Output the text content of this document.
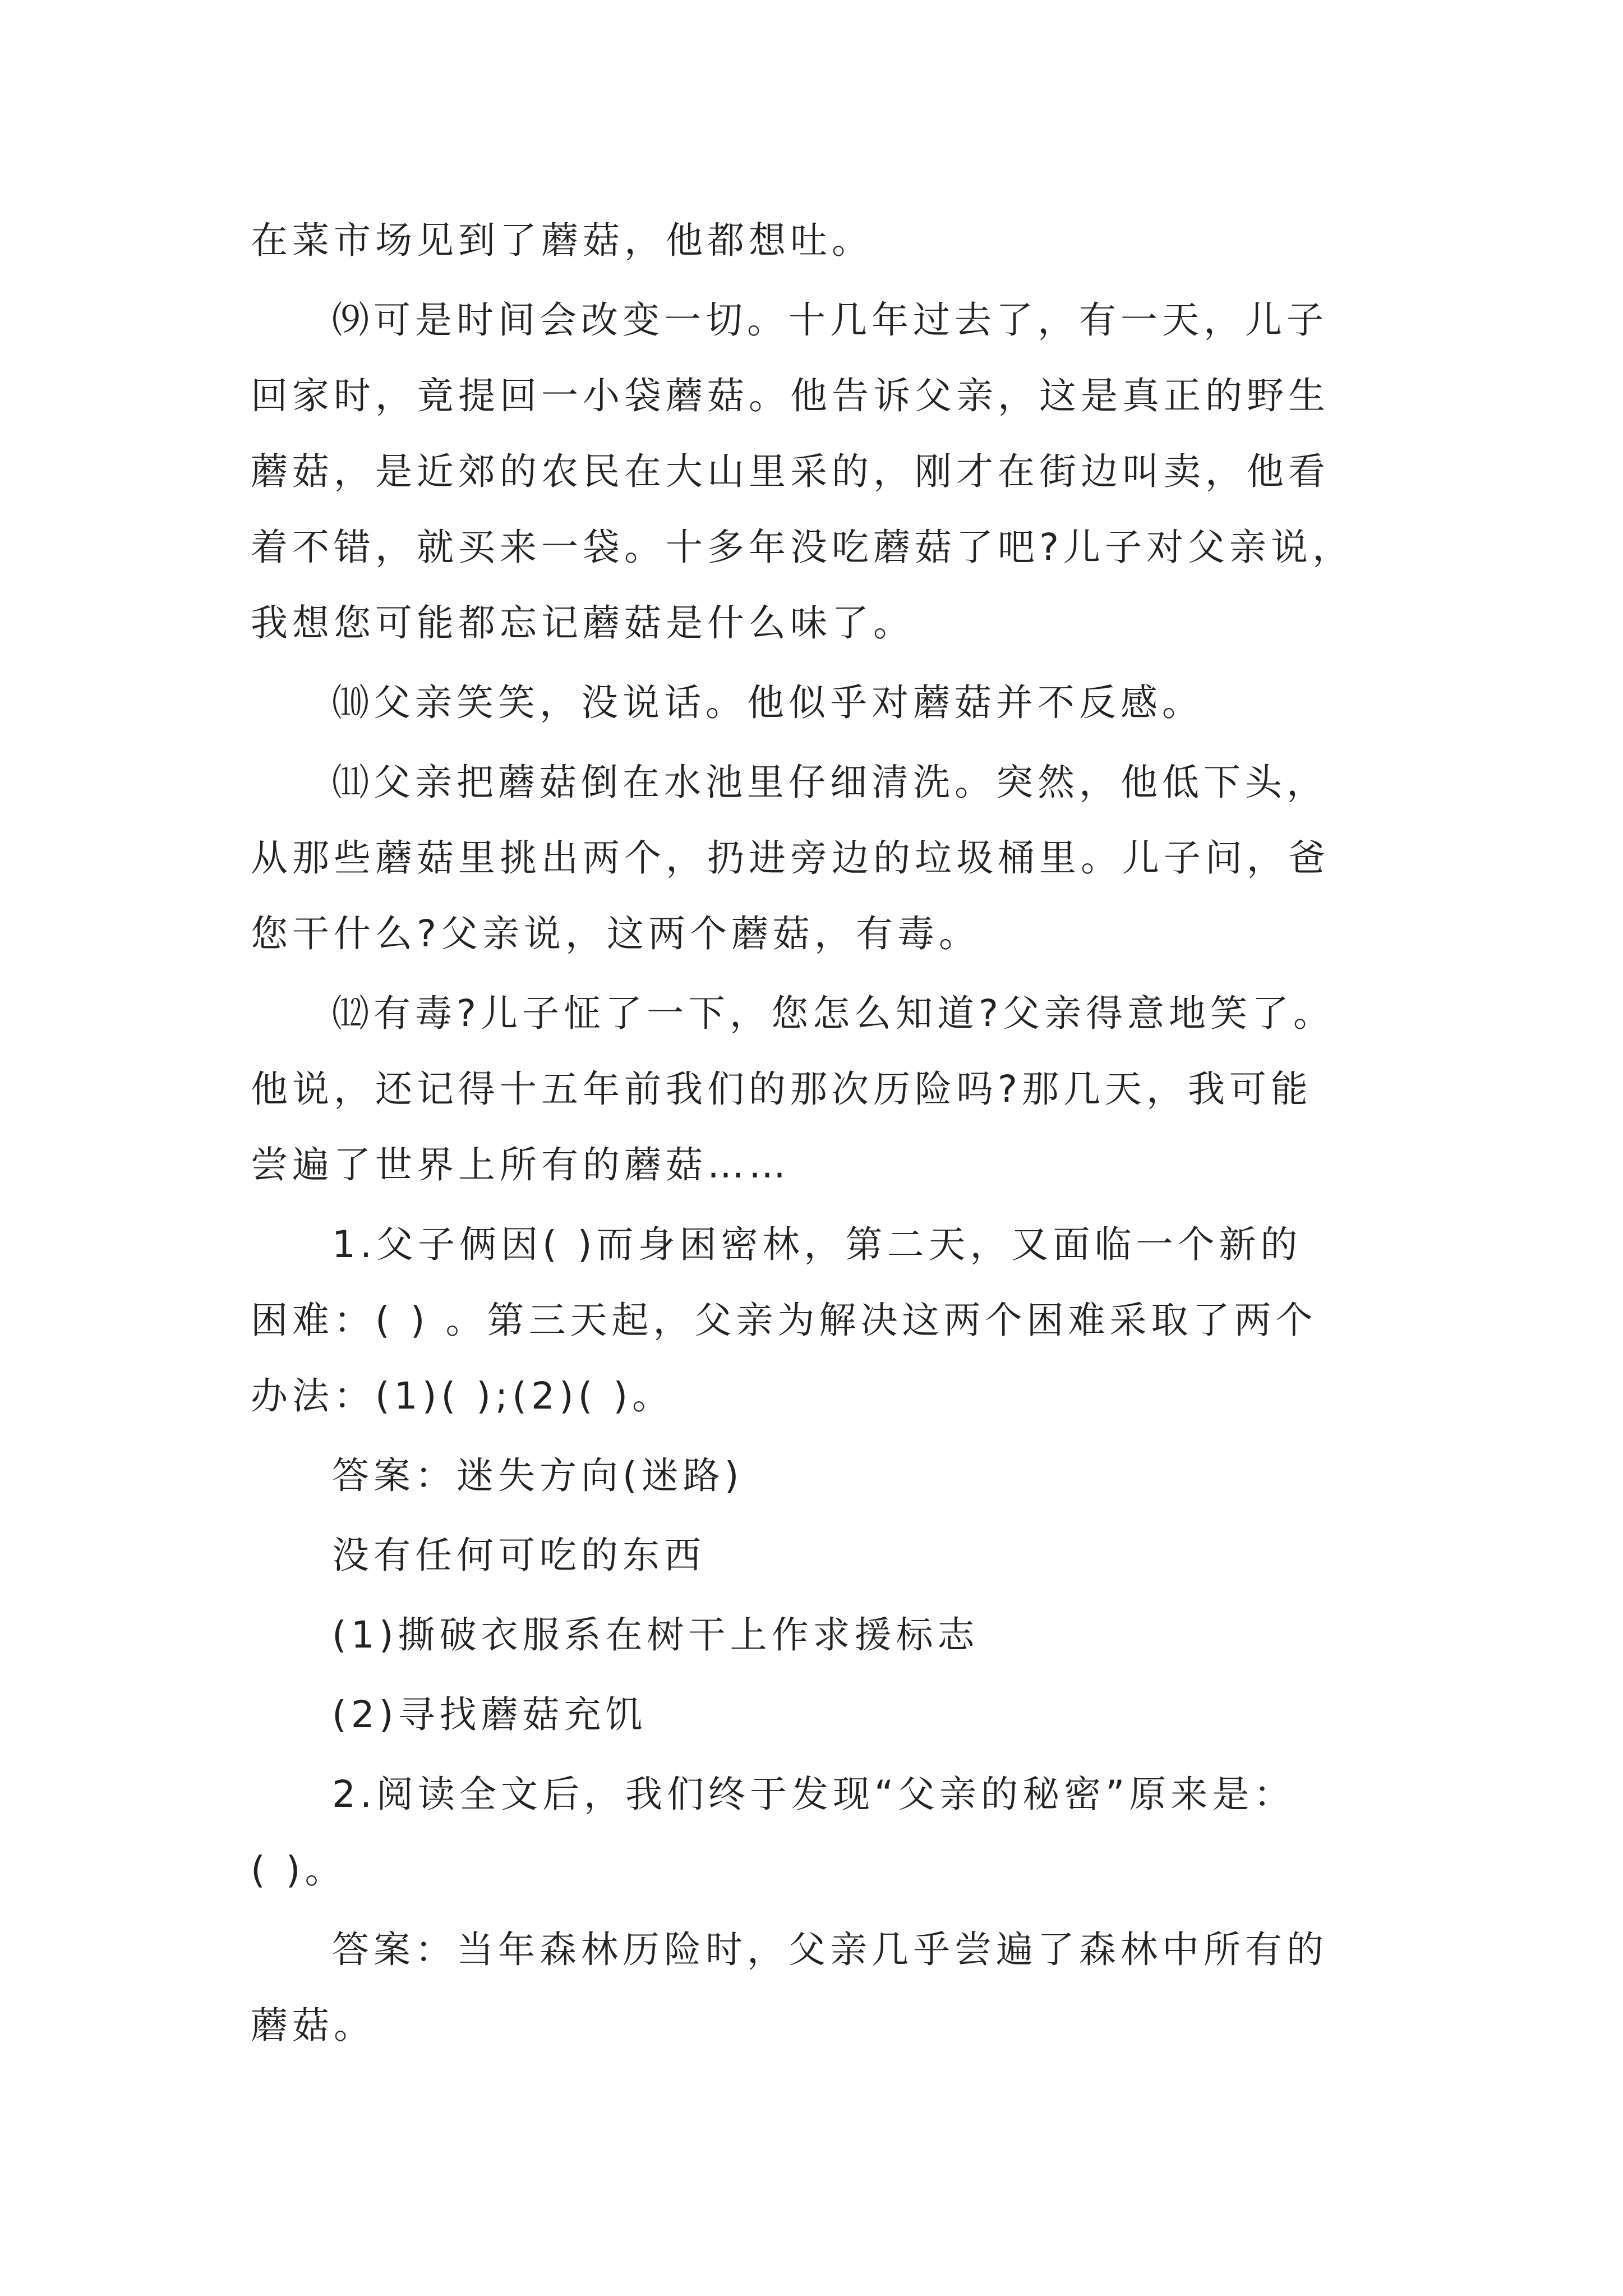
在菜市场见到了蘑菇，他都想吐。

⑼可是时间会改变一切。十几年过去了，有一天，儿子

回家时，竟提回一小袋蘑菇。他告诉父亲，这是真正的野生

蘑菇，是近郊的农民在大山里采的，刚才在街边叫卖，他看

着不错，就买来一袋。十多年没吃蘑菇了吧?儿子对父亲说，

我想您可能都忘记蘑菇是什么味了。

⑽父亲笑笑，没说话。他似乎对蘑菇并不反感。

⑾父亲把蘑菇倒在水池里仔细清洗。突然，他低下头，

从那些蘑菇里挑出两个，扔进旁边的垃圾桶里。儿子问，爸

您干什么?父亲说，这两个蘑菇，有毒。

⑿有毒?儿子怔了一下，您怎么知道?父亲得意地笑了。

他说，还记得十五年前我们的那次历险吗?那几天，我可能

尝遍了世界上所有的蘑菇……

1.父子俩因( )而身困密林，第二天，又面临一个新的

困难：( ) 。第三天起，父亲为解决这两个困难采取了两个

办法：(1)( );(2)( )。

答案：迷失方向(迷路)

没有任何可吃的东西

(1)撕破衣服系在树干上作求援标志

(2)寻找蘑菇充饥

2.阅读全文后，我们终于发现“父亲的秘密”原来是：

( )。

答案：当年森林历险时，父亲几乎尝遍了森林中所有的

蘑菇。
